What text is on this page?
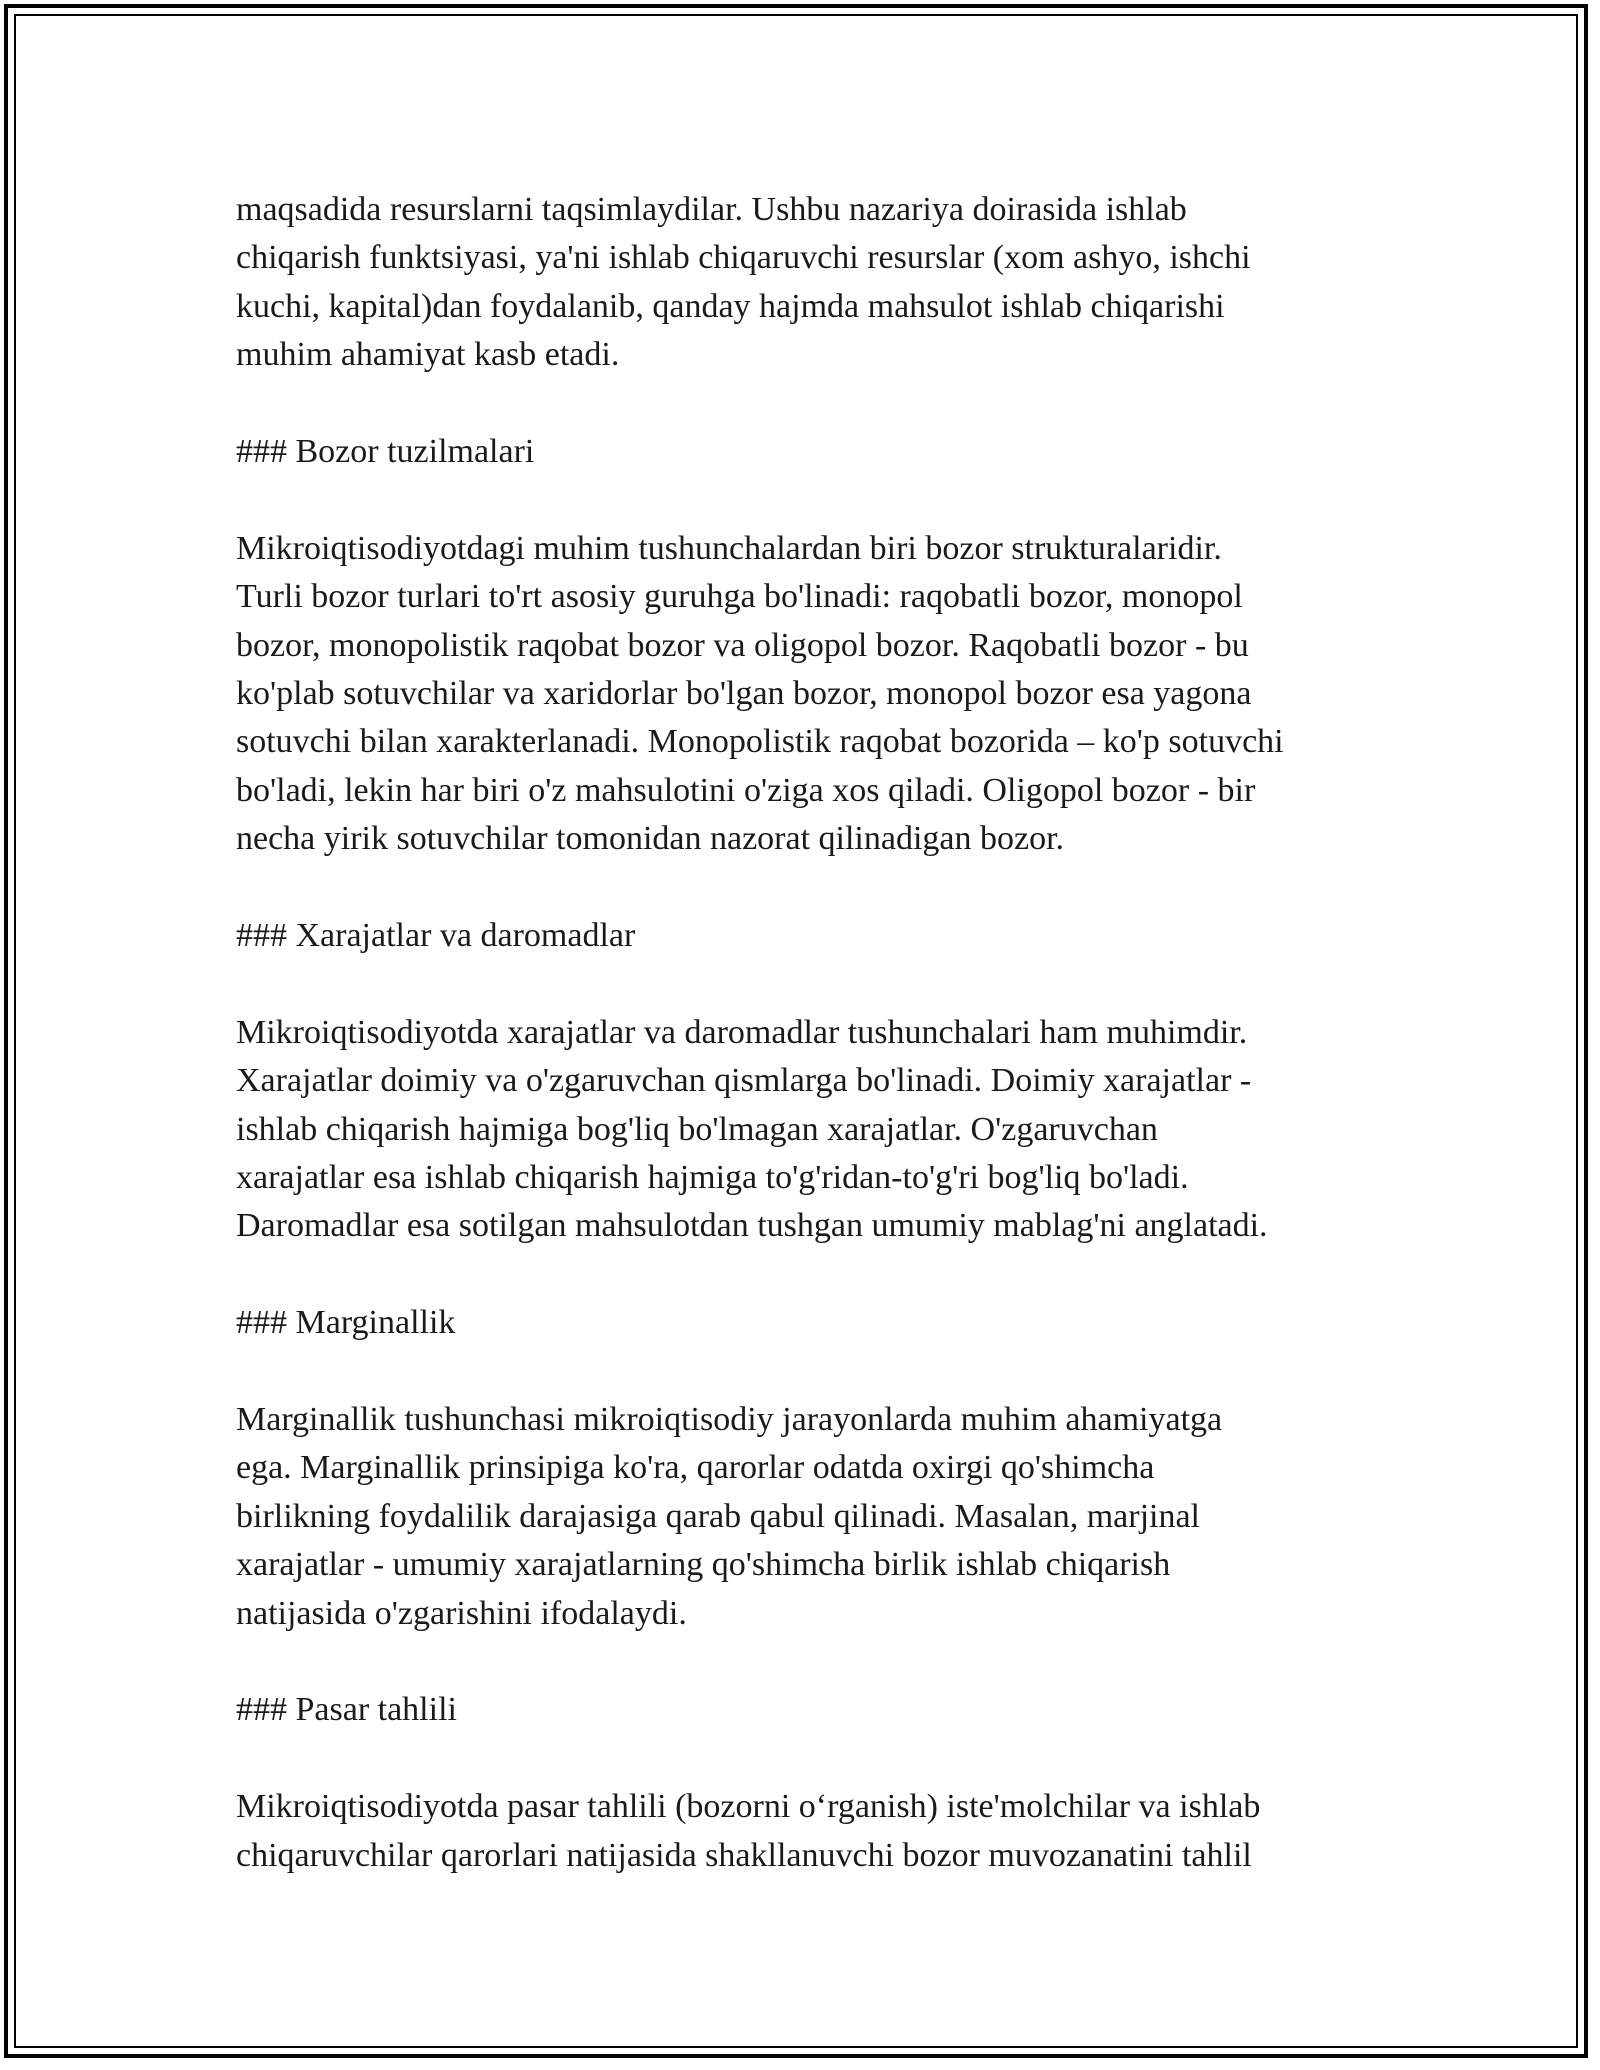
maqsadida resurslarni taqsimlaydilar. Ushbu nazariya doirasida ishlab
chiqarish funktsiyasi, ya'ni ishlab chiqaruvchi resurslar (xom ashyo, ishchi
kuchi, kapital)dan foydalanib, qanday hajmda mahsulot ishlab chiqarishi
muhim ahamiyat kasb etadi.

### Bozor tuzilmalari

Mikroiqtisodiyotdagi muhim tushunchalardan biri bozor strukturalaridir.
Turli bozor turlari to'rt asosiy guruhga bo'linadi: raqobatli bozor, monopol
bozor, monopolistik raqobat bozor va oligopol bozor. Raqobatli bozor - bu
ko'plab sotuvchilar va xaridorlar bo'lgan bozor, monopol bozor esa yagona
sotuvchi bilan xarakterlanadi. Monopolistik raqobat bozorida – ko'p sotuvchi
bo'ladi, lekin har biri o'z mahsulotini o'ziga xos qiladi. Oligopol bozor - bir
necha yirik sotuvchilar tomonidan nazorat qilinadigan bozor.

### Xarajatlar va daromadlar

Mikroiqtisodiyotda xarajatlar va daromadlar tushunchalari ham muhimdir.
Xarajatlar doimiy va o'zgaruvchan qismlarga bo'linadi. Doimiy xarajatlar -
ishlab chiqarish hajmiga bog'liq bo'lmagan xarajatlar. O'zgaruvchan
xarajatlar esa ishlab chiqarish hajmiga to'g'ridan-to'g'ri bog'liq bo'ladi.
Daromadlar esa sotilgan mahsulotdan tushgan umumiy mablag'ni anglatadi.

### Marginallik

Marginallik tushunchasi mikroiqtisodiy jarayonlarda muhim ahamiyatga
ega. Marginallik prinsipiga ko'ra, qarorlar odatda oxirgi qo'shimcha
birlikning foydalilik darajasiga qarab qabul qilinadi. Masalan, marjinal
xarajatlar - umumiy xarajatlarning qo'shimcha birlik ishlab chiqarish
natijasida o'zgarishini ifodalaydi.

### Pasar tahlili

Mikroiqtisodiyotda pasar tahlili (bozorni o‘rganish) iste'molchilar va ishlab
chiqaruvchilar qarorlari natijasida shakllanuvchi bozor muvozanatini tahlil
